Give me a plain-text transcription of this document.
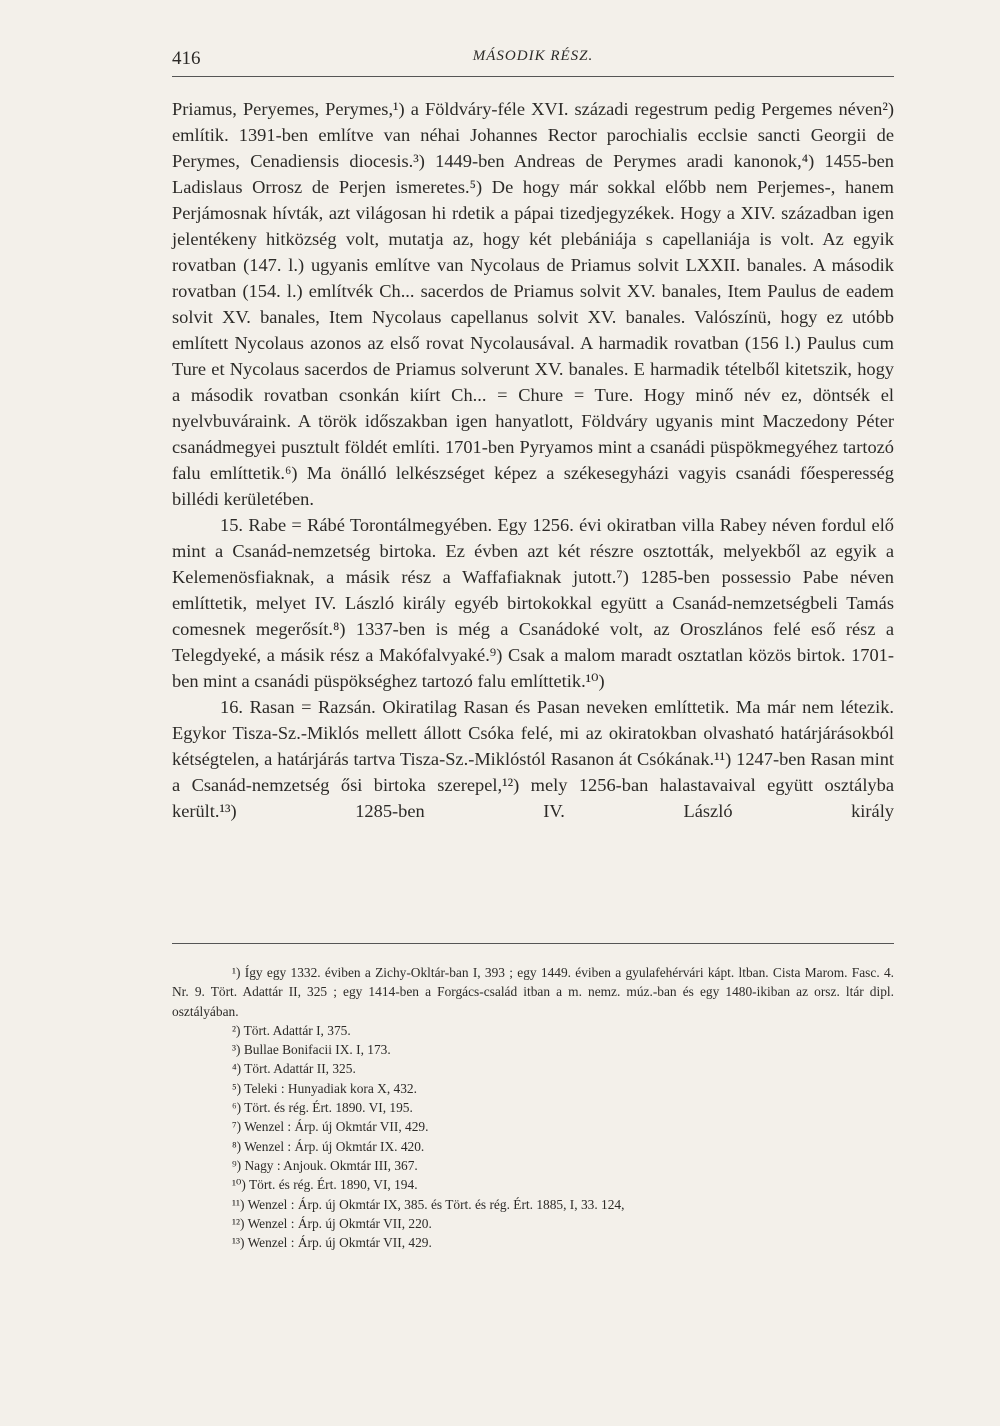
416	MÁSODIK RÉSZ.

Priamus, Peryemes, Perymes,¹) a Földváry-féle XVI. századi regestrum pedig Pergemes néven²) említik. 1391-ben említve van néhai Johannes Rector parochialis ecclsie sancti Georgii de Perymes, Cenadiensis diocesis.³) 1449-ben Andreas de Perymes aradi kanonok,⁴) 1455-ben Ladislaus Orrosz de Perjen ismeretes.⁵) De hogy már sokkal előbb nem Perjemes-, hanem Perjámosnak hívták, azt világosan hi rdetik a pápai tizedjegyzékek. Hogy a XIV. században igen jelentékeny hitközség volt, mutatja az, hogy két plebániája s capellaniája is volt. Az egyik rovatban (147. l.) ugyanis említve van Nycolaus de Priamus solvit LXXII. banales. A második rovatban (154. l.) említvék Ch... sacerdos de Priamus solvit XV. banales, Item Paulus de eadem solvit XV. banales, Item Nycolaus capellanus solvit XV. banales. Valószínü, hogy ez utóbb említett Nycolaus azonos az első rovat Nycolausával. A harmadik rovatban (156 l.) Paulus cum Ture et Nycolaus sacerdos de Priamus solverunt XV. banales. E harmadik tételből kitetszik, hogy a második rovatban csonkán kiírt Ch... = Chure = Ture. Hogy minő név ez, döntsék el nyelvbuváraink. A török időszakban igen hanyatlott, Földváry ugyanis mint Maczedony Péter csanádmegyei pusztult földét említi. 1701-ben Pyryamos mint a csanádi püspökmegyéhez tartozó falu említtetik.⁶) Ma önálló lelkészséget képez a székesegyházi vagyis csanádi főesperesség billédi kerületében.

15. Rabe = Rábé Torontálmegyében. Egy 1256. évi okiratban villa Rabey néven fordul elő mint a Csanád-nemzetség birtoka. Ez évben azt két részre osztották, melyekből az egyik a Kelemenösfiaknak, a másik rész a Waffafiaknak jutott.⁷) 1285-ben possessio Pabe néven említtetik, melyet IV. László király egyéb birtokokkal együtt a Csanád-nemzetségbeli Tamás comesnek megerősít.⁸) 1337-ben is még a Csanádoké volt, az Oroszlános felé eső rész a Telegdyeké, a másik rész a Makófalvyaké.⁹) Csak a malom maradt osztatlan közös birtok. 1701-ben mint a csanádi püspökséghez tartozó falu említtetik.¹⁰)

16. Rasan = Razsán. Okiratilag Rasan és Pasan neveken említtetik. Ma már nem létezik. Egykor Tisza-Sz.-Miklós mellett állott Csóka felé, mi az okiratokban olvasható határjárásokból kétségtelen, a határjárás tartva Tisza-Sz.-Miklóstól Rasanon át Csókának.¹¹) 1247-ben Rasan mint a Csanád-nemzetség ősi birtoka szerepel,¹²) mely 1256-ban halastavaival együtt osztályba került.¹³) 1285-ben IV. László király

¹) Így egy 1332. éviben a Zichy-Okltár-ban I, 393 ; egy 1449. éviben a gyulafehérvári kápt. ltban. Cista Marom. Fasc. 4. Nr. 9. Tört. Adattár II, 325 ; egy 1414-ben a Forgács-család itban a m. nemz. múz.-ban és egy 1480-ikiban az orsz. ltár dipl. osztályában.

²) Tört. Adattár I, 375.

³) Bullae Bonifacii IX. I, 173.

⁴) Tört. Adattár II, 325.

⁵) Teleki : Hunyadiak kora X, 432.

⁶) Tört. és rég. Ért. 1890. VI, 195.

⁷) Wenzel : Árp. új Okmtár VII, 429.

⁸) Wenzel : Árp. új Okmtár IX. 420.

⁹) Nagy : Anjouk. Okmtár III, 367.

¹⁰) Tört. és rég. Ért. 1890, VI, 194.

¹¹) Wenzel : Árp. új Okmtár IX, 385. és Tört. és rég. Ért. 1885, I, 33. 124,

¹²) Wenzel : Árp. új Okmtár VII, 220.

¹³) Wenzel : Árp. új Okmtár VII, 429.
